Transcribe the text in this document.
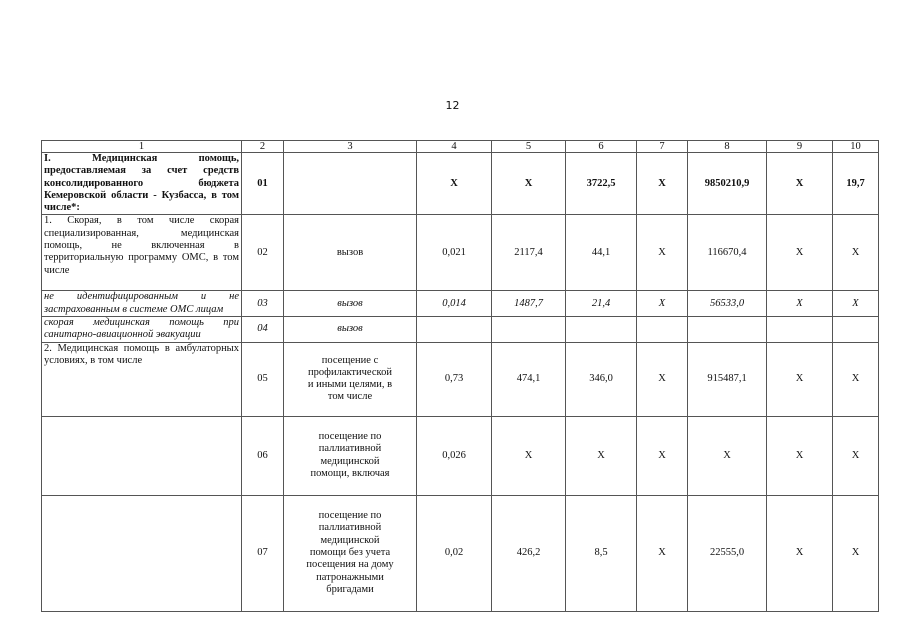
12
1	2	3	4	5	6	7	8	9	10
I. Медицинская помощь, предоставляемая за счет средств консолидированного бюджета Кемеровской области - Кузбасса, в том числе*:	01		X	X	3722,5	X	9850210,9	X	19,7
1. Скорая, в том числе скорая специализированная, медицинская помощь, не включенная в территориальную программу ОМС, в том числе	02	вызов	0,021	2117,4	44,1	X	116670,4	X	X
не идентифицированным и не застрахованным в системе ОМС лицам	03	вызов	0,014	1487,7	21,4	X	56533,0	X	X
скорая медицинская помощь при санитарно-авиационной эвакуации	04	вызов							
2. Медицинская помощь в амбулаторных условиях, в том числе	05	посещение с профилактической и иными целями, в том числе	0,73	474,1	346,0	X	915487,1	X	X
	06	посещение по паллиативной медицинской помощи, включая	0,026	X	X	X	X	X	X
	07	посещение по паллиативной медицинской помощи без учета посещения на дому патронажными бригадами	0,02	426,2	8,5	X	22555,0	X	X
